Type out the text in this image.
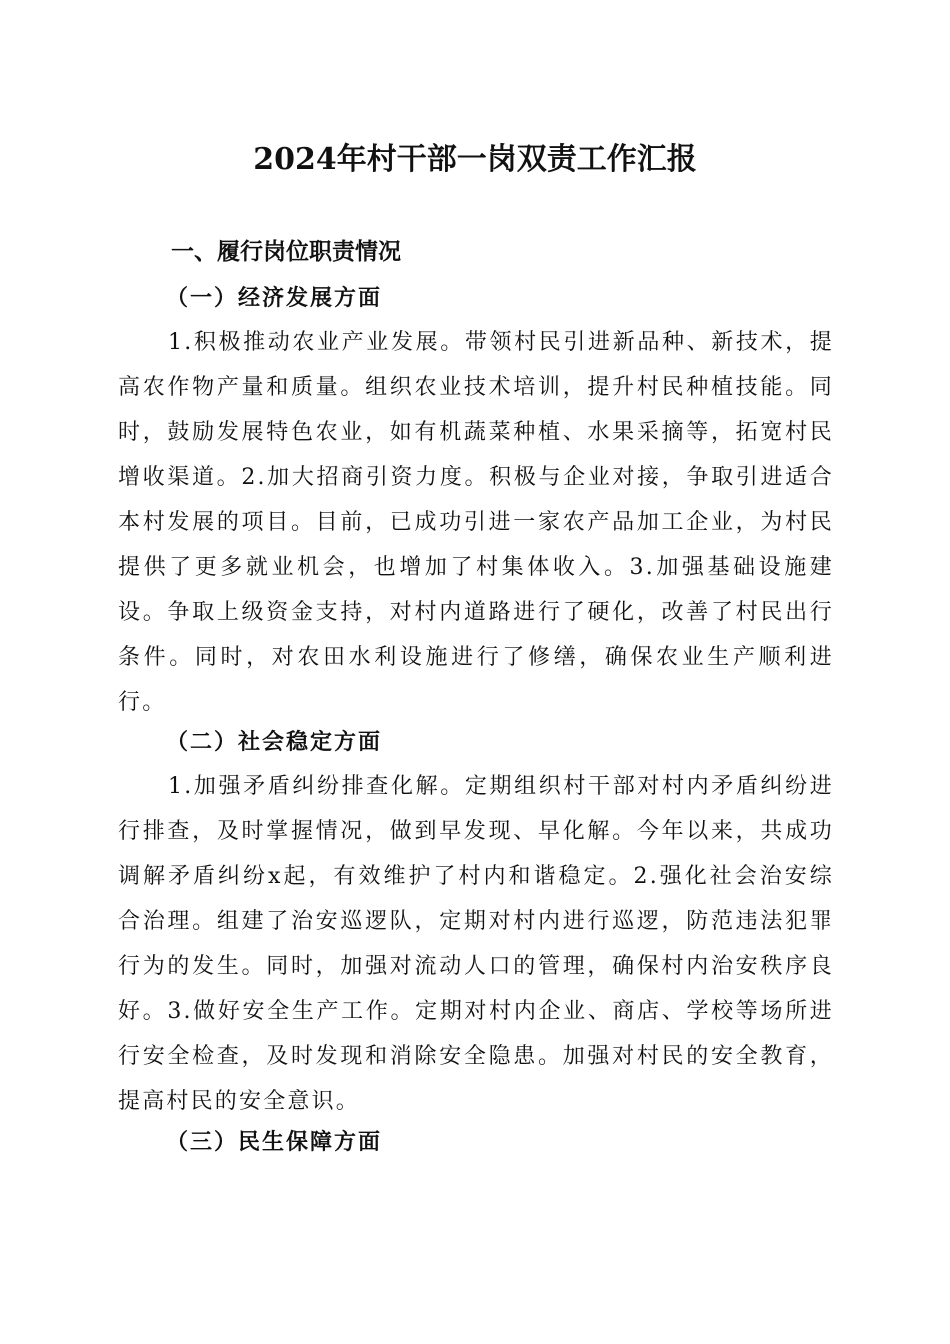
2024年村干部一岗双责工作汇报
一、履行岗位职责情况
（一）经济发展方面

1.积极推动农业产业发展。带领村民引进新品种、新技术，提高农作物产量和质量。组织农业技术培训，提升村民种植技能。同时，鼓励发展特色农业，如有机蔬菜种植、水果采摘等，拓宽村民增收渠道。2.加大招商引资力度。积极与企业对接，争取引进适合本村发展的项目。目前，已成功引进一家农产品加工企业，为村民提供了更多就业机会，也增加了村集体收入。3.加强基础设施建设。争取上级资金支持，对村内道路进行了硬化，改善了村民出行条件。同时，对农田水利设施进行了修缮，确保农业生产顺利进行。

（二）社会稳定方面

1.加强矛盾纠纷排查化解。定期组织村干部对村内矛盾纠纷进行排查，及时掌握情况，做到早发现、早化解。今年以来，共成功调解矛盾纠纷x起，有效维护了村内和谐稳定。2.强化社会治安综合治理。组建了治安巡逻队，定期对村内进行巡逻，防范违法犯罪行为的发生。同时，加强对流动人口的管理，确保村内治安秩序良好。3.做好安全生产工作。定期对村内企业、商店、学校等场所进行安全检查，及时发现和消除安全隐患。加强对村民的安全教育，提高村民的安全意识。

（三）民生保障方面
